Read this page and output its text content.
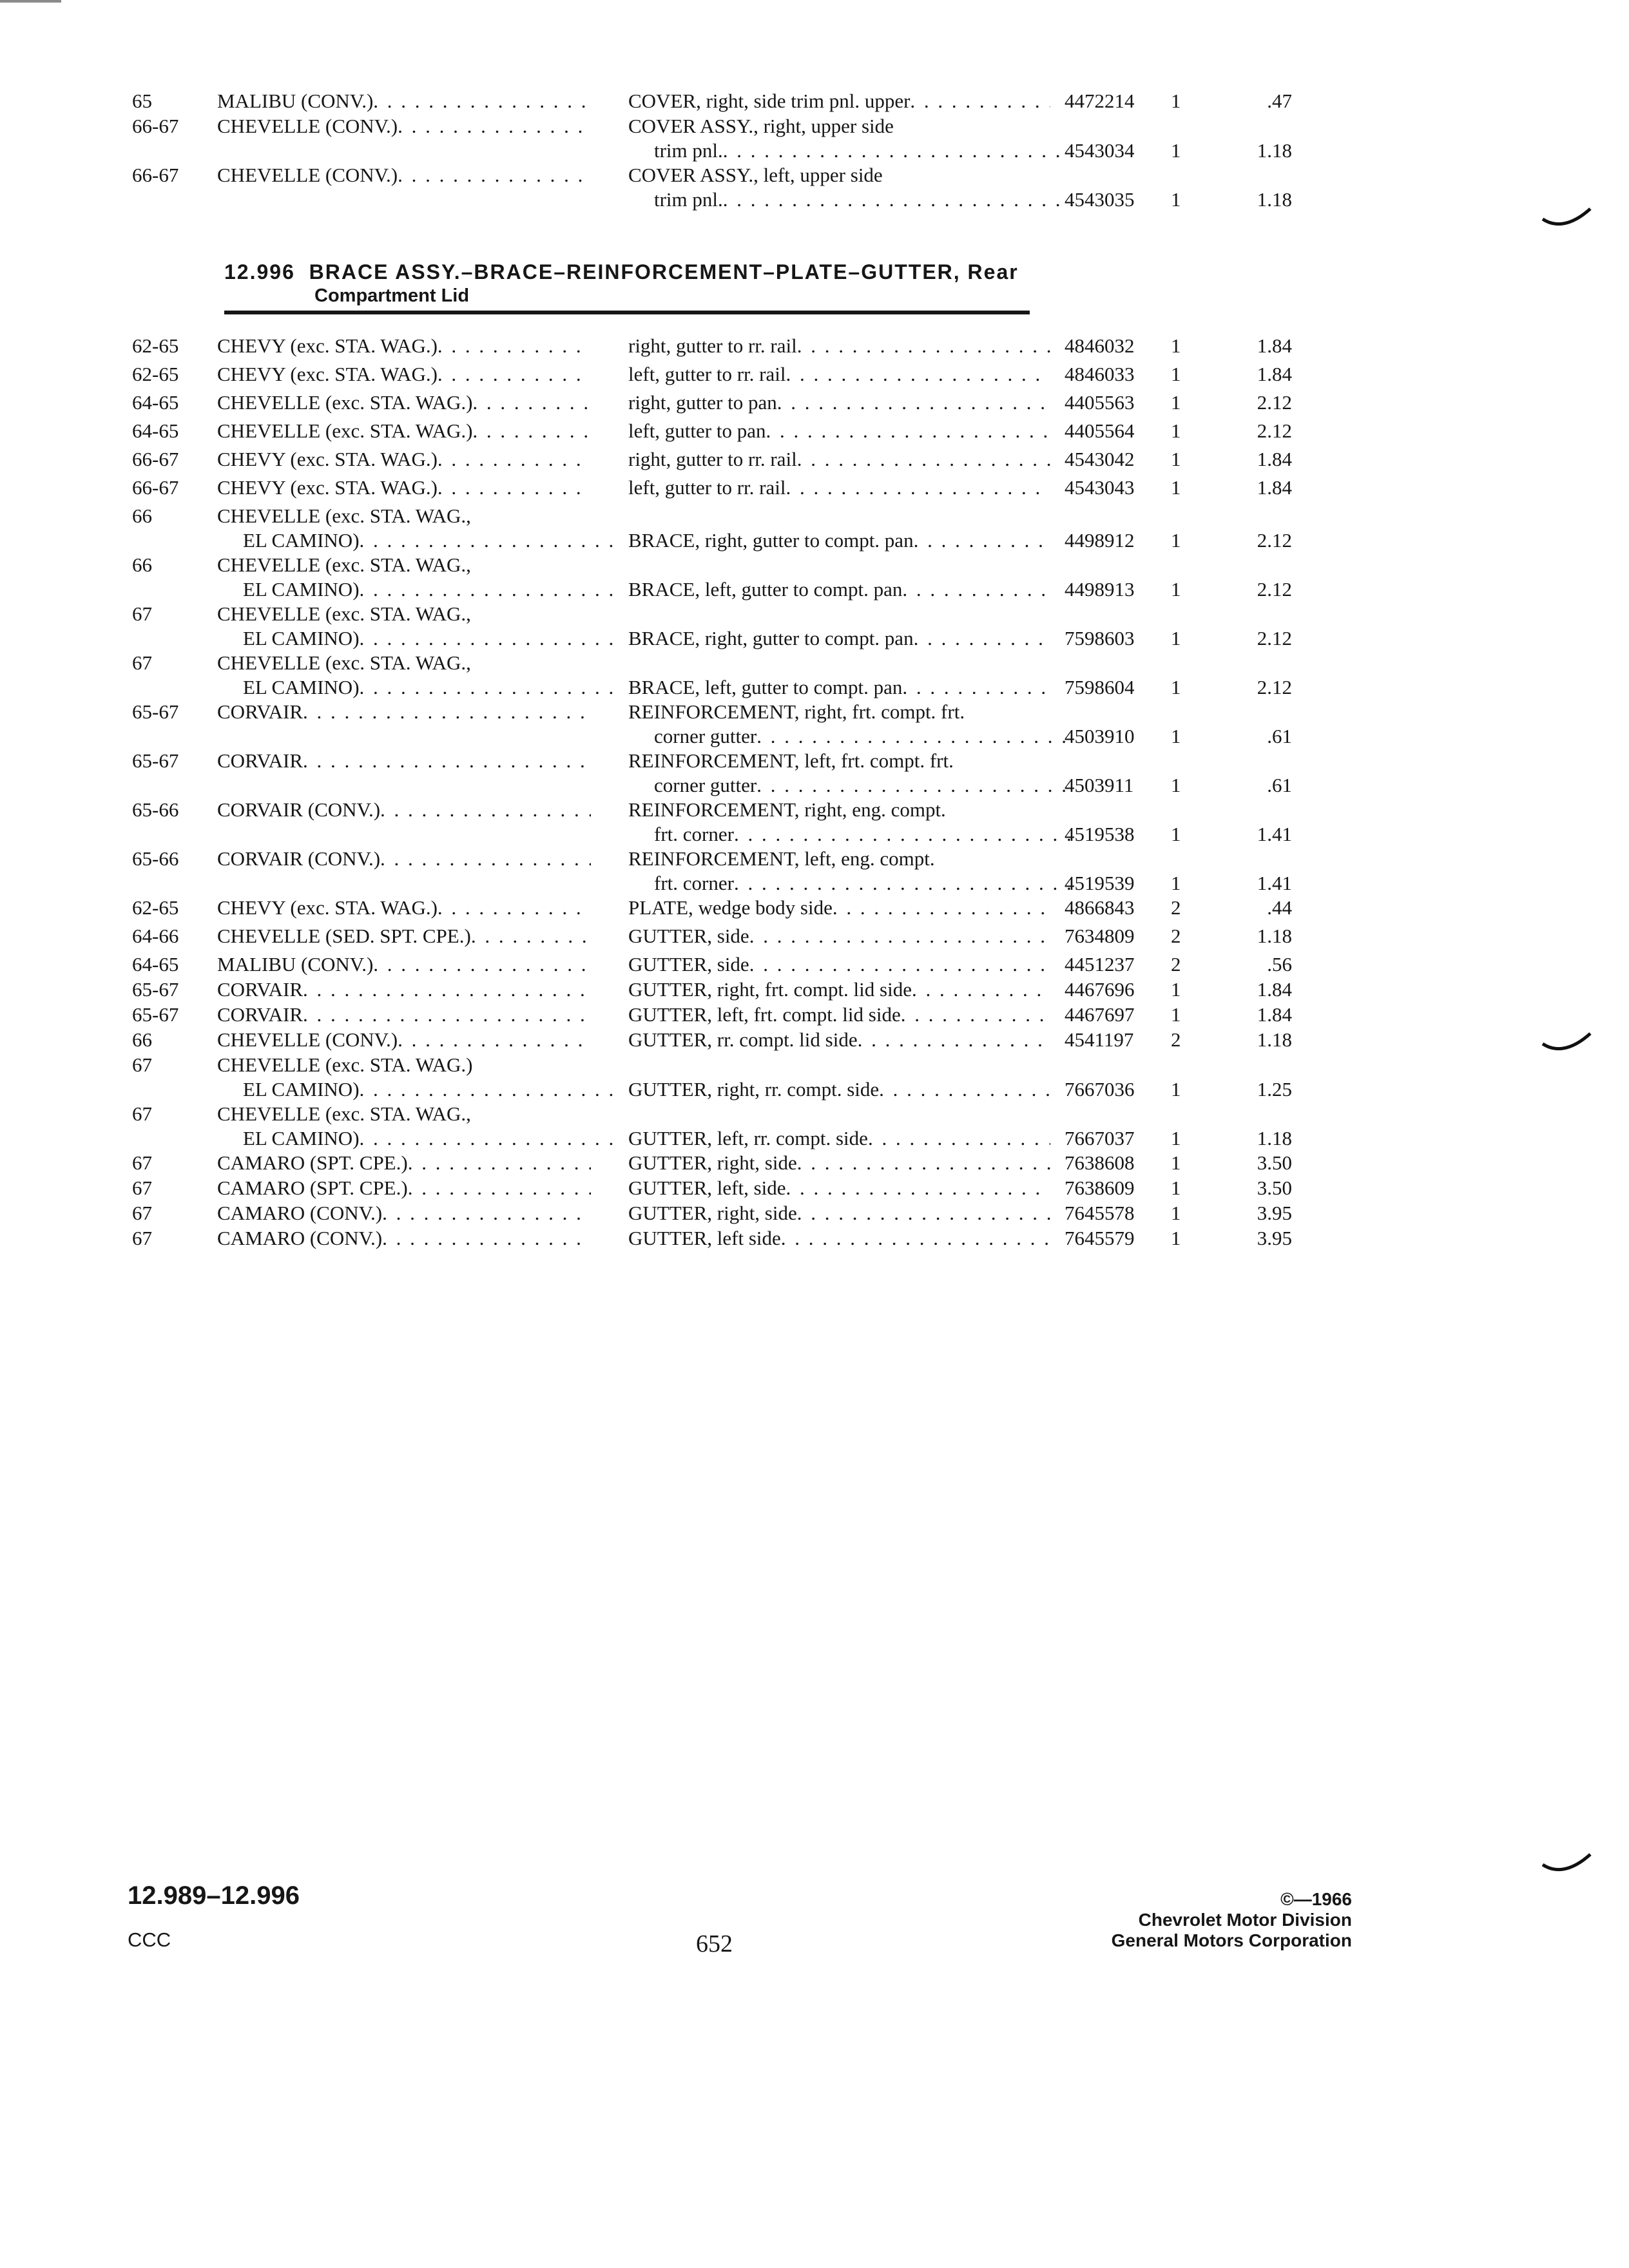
65	MALIBU (CONV.) . . .	COVER, right, side trim pnl. upper . . .	4472214 1	.47
66-67 CHEVELLE (CONV.) . . .	COVER ASSY., right, upper side
trim pnl. . . .	4543034 1	1.18
66-67 CHEVELLE (CONV.) . . .	COVER ASSY., left, upper side
trim pnl. . . .	4543035 1	1.18
12.996 BRACE ASSY.–BRACE–REINFORCEMENT–PLATE–GUTTER, Rear
Compartment Lid
62-65 CHEVY (exc. STA. WAG.) . . .	right, gutter to rr. rail . . .	4846032 1	1.84
62-65 CHEVY (exc. STA. WAG.) . . .	left, gutter to rr. rail . . .	4846033 1	1.84
64-65 CHEVELLE (exc. STA. WAG.) . . .	right, gutter to pan . . .	4405563 1	2.12
64-65 CHEVELLE (exc. STA. WAG.) . . .	left, gutter to pan . . .	4405564 1	2.12
66-67 CHEVY (exc. STA. WAG.) . . .	right, gutter to rr. rail . . .	4543042 1	1.84
66-67 CHEVY (exc. STA. WAG.) . . .	left, gutter to rr. rail . . .	4543043 1	1.84
66	CHEVELLE (exc. STA. WAG.,
EL CAMINO) . . .	BRACE, right, gutter to compt. pan . . .	4498912 1	2.12
66	CHEVELLE (exc. STA. WAG.,
EL CAMINO) . . .	BRACE, left, gutter to compt. pan . . .	4498913 1	2.12
67	CHEVELLE (exc. STA. WAG.,
EL CAMINO) . . .	BRACE, right, gutter to compt. pan . . .	7598603 1	2.12
67	CHEVELLE (exc. STA. WAG.,
EL CAMINO) . . .	BRACE, left, gutter to compt. pan . . .	7598604 1	2.12
65-67 CORVAIR . . .	REINFORCEMENT, right, frt. compt. frt.
corner gutter . . .	4503910 1	.61
65-67 CORVAIR . . .	REINFORCEMENT, left, frt. compt. frt.
corner gutter . . .	4503911 1	.61
65-66 CORVAIR (CONV.) . . .	REINFORCEMENT, right, eng. compt.
frt. corner . . .	4519538 1	1.41
65-66 CORVAIR (CONV.) . . .	REINFORCEMENT, left, eng. compt.
frt. corner . . .	4519539 1	1.41
62-65 CHEVY (exc. STA. WAG.) . . .	PLATE, wedge body side . . .	4866843 2	.44
64-66 CHEVELLE (SED. SPT. CPE.) . . .	GUTTER, side . . .	7634809 2	1.18
64-65 MALIBU (CONV.) . . .	GUTTER, side . . .	4451237 2	.56
65-67 CORVAIR . . .	GUTTER, right, frt. compt. lid side . . .	4467696 1	1.84
65-67 CORVAIR . . .	GUTTER, left, frt. compt. lid side . . .	4467697 1	1.84
66	CHEVELLE (CONV.) . . .	GUTTER, rr. compt. lid side . . .	4541197 2	1.18
67	CHEVELLE (exc. STA. WAG.)
EL CAMINO) . . .	GUTTER, right, rr. compt. side . . .	7667036 1	1.25
67	CHEVELLE (exc. STA. WAG.,
EL CAMINO) . . .	GUTTER, left, rr. compt. side . . .	7667037 1	1.18
67	CAMARO (SPT. CPE.) . . .	GUTTER, right, side . . .	7638608 1	3.50
67	CAMARO (SPT. CPE.) . . .	GUTTER, left, side . . .	7638609 1	3.50
67	CAMARO (CONV.) . . .	GUTTER, right, side . . .	7645578 1	3.95
67	CAMARO (CONV.) . . .	GUTTER, left side . . .	7645579 1	3.95
12.989–12.996
CCC	652
©—1966
Chevrolet Motor Division
General Motors Corporation
